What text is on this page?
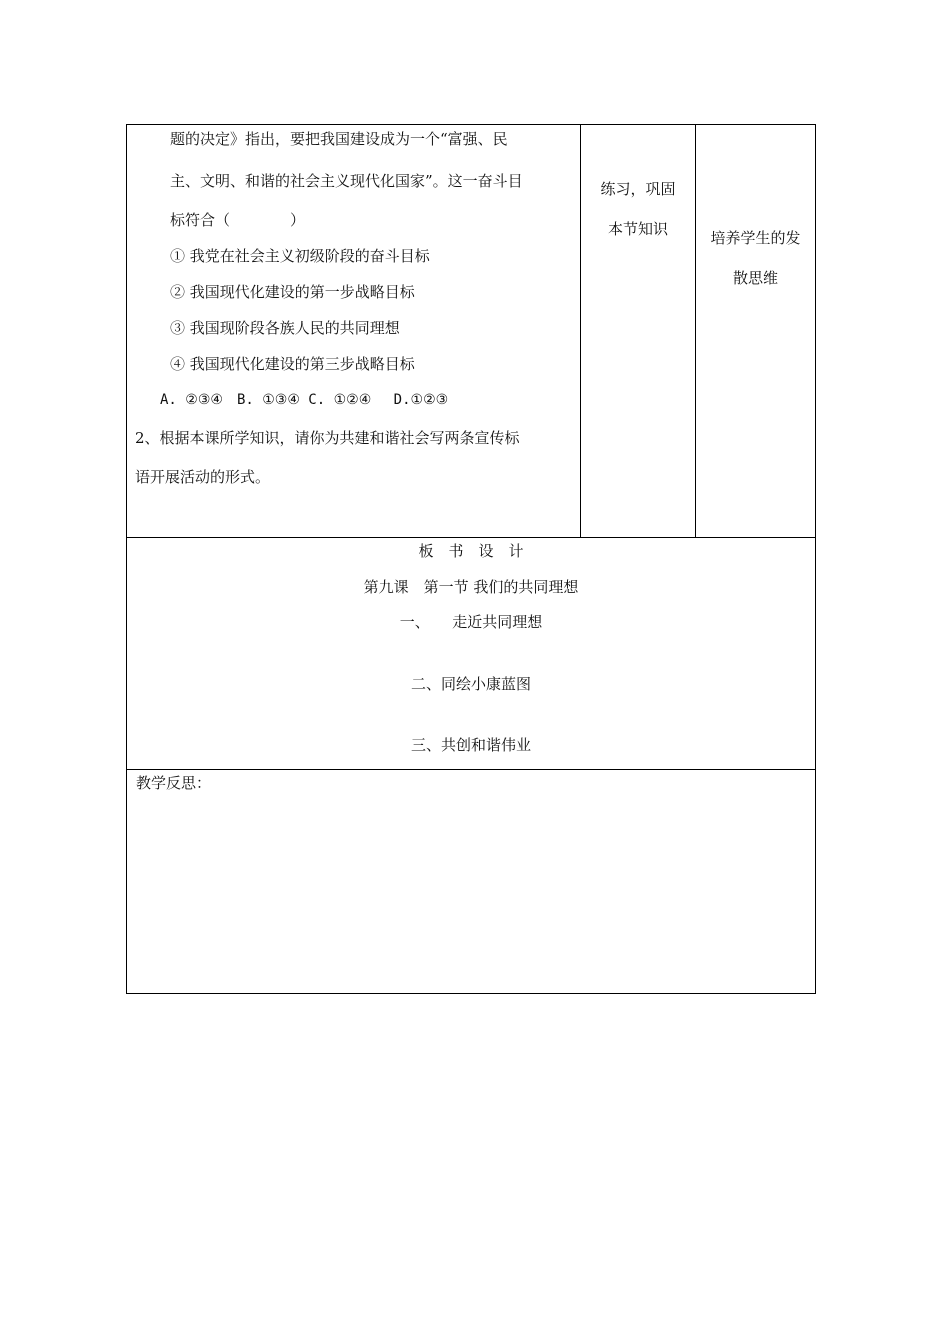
题的决定》指出，要把我国建设成为一个“富强、民
主、文明、和谐的社会主义现代化国家”。这一奋斗目
标符合（　　　　）
① 我党在社会主义初级阶段的奋斗目标
② 我国现代化建设的第一步战略目标
③ 我国现阶段各族人民的共同理想
④ 我国现代化建设的第三步战略目标
A. ②③④　B. ①③④ C. ①②④　 D.①②③
2、根据本课所学知识，请你为共建和谐社会写两条宣传标
语开展活动的形式。
练习，巩固
本节知识	培养学生的发
散思维
板　书　设　计
第九课　第一节 我们的共同理想
一、　　走近共同理想
二、同绘小康蓝图
三、共创和谐伟业
教学反思：
